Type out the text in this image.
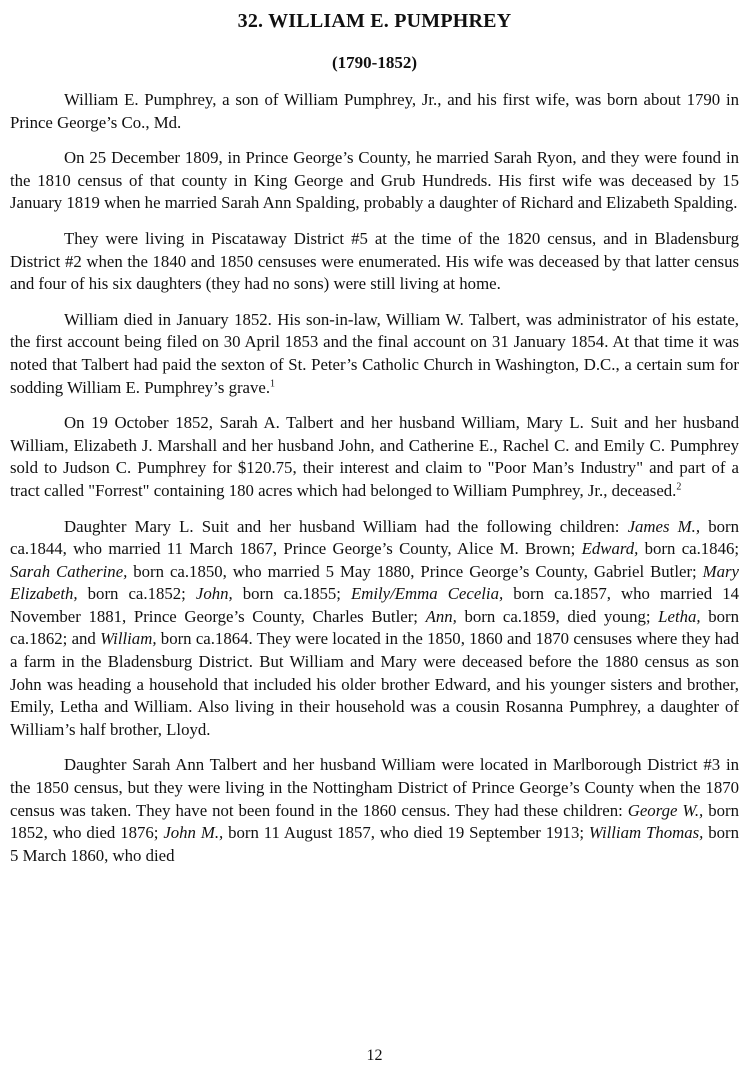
32. WILLIAM E. PUMPHREY
(1790-1852)

William E. Pumphrey, a son of William Pumphrey, Jr., and his first wife, was born about 1790 in Prince George’s Co., Md.

On 25 December 1809, in Prince George’s County, he married Sarah Ryon, and they were found in the 1810 census of that county in King George and Grub Hundreds. His first wife was deceased by 15 January 1819 when he married Sarah Ann Spalding, probably a daughter of Richard and Elizabeth Spalding.

They were living in Piscataway District #5 at the time of the 1820 census, and in Bladensburg District #2 when the 1840 and 1850 censuses were enumerated. His wife was deceased by that latter census and four of his six daughters (they had no sons) were still living at home.

William died in January 1852. His son-in-law, William W. Talbert, was administrator of his estate, the first account being filed on 30 April 1853 and the final account on 31 January 1854. At that time it was noted that Talbert had paid the sexton of St. Peter’s Catholic Church in Washington, D.C., a certain sum for sodding William E. Pumphrey’s grave.$^1$

On 19 October 1852, Sarah A. Talbert and her husband William, Mary L. Suit and her husband William, Elizabeth J. Marshall and her husband John, and Catherine E., Rachel C. and Emily C. Pumphrey sold to Judson C. Pumphrey for $120.75, their interest and claim to "Poor Man’s Industry" and part of a tract called "Forrest" containing 180 acres which had belonged to William Pumphrey, Jr., deceased.$^2$

Daughter Mary L. Suit and her husband William had the following children: James M., born ca.1844, who married 11 March 1867, Prince George’s County, Alice M. Brown; Edward, born ca.1846; Sarah Catherine, born ca.1850, who married 5 May 1880, Prince George’s County, Gabriel Butler; Mary Elizabeth, born ca.1852; John, born ca.1855; Emily/Emma Cecelia, born ca.1857, who married 14 November 1881, Prince George’s County, Charles Butler; Ann, born ca.1859, died young; Letha, born ca.1862; and William, born ca.1864. They were located in the 1850, 1860 and 1870 censuses where they had a farm in the Bladensburg District. But William and Mary were deceased before the 1880 census as son John was heading a household that included his older brother Edward, and his younger sisters and brother, Emily, Letha and William. Also living in their household was a cousin Rosanna Pumphrey, a daughter of William’s half brother, Lloyd.

Daughter Sarah Ann Talbert and her husband William were located in Marlborough District #3 in the 1850 census, but they were living in the Nottingham District of Prince George’s County when the 1870 census was taken. They have not been found in the 1860 census. They had these children: George W., born 1852, who died 1876; John M., born 11 August 1857, who died 19 September 1913; William Thomas, born 5 March 1860, who died

12
